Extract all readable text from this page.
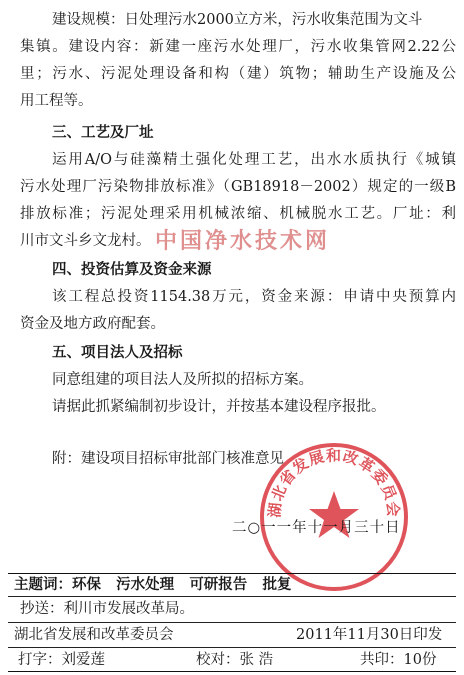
建设规模：日处理污水2000立方米，污水收集范围为文斗
集镇。建设内容：新建一座污水处理厂，污水收集管网2.22公
里；污水、污泥处理设备和构（建）筑物；辅助生产设施及公
用工程等。
三、工艺及厂址
运用A/O与硅藻精土强化处理工艺，出水水质执行《城镇
污水处理厂污染物排放标准》（GB18918－2002）规定的一级B
排放标准；污泥处理采用机械浓缩、机械脱水工艺。厂址：利
川市文斗乡文龙村。 中国净水技术网
四、投资估算及资金来源
该工程总投资1154.38万元，资金来源：申请中央预算内
资金及地方政府配套。
五、项目法人及招标
同意组建的项目法人及所拟的招标方案。
请据此抓紧编制初步设计，并按基本建设程序报批。
附：建设项目招标审批部门核准意见
湖北省发展和改革委员会
二○一一年十一月三十日
主题词：环保 污水处理 可研报告 批复
抄送：利川市发展改革局。
湖北省发展和改革委员会	2011年11月30日印发
打字：刘爱莲	校对：张 浩	共印：10份
